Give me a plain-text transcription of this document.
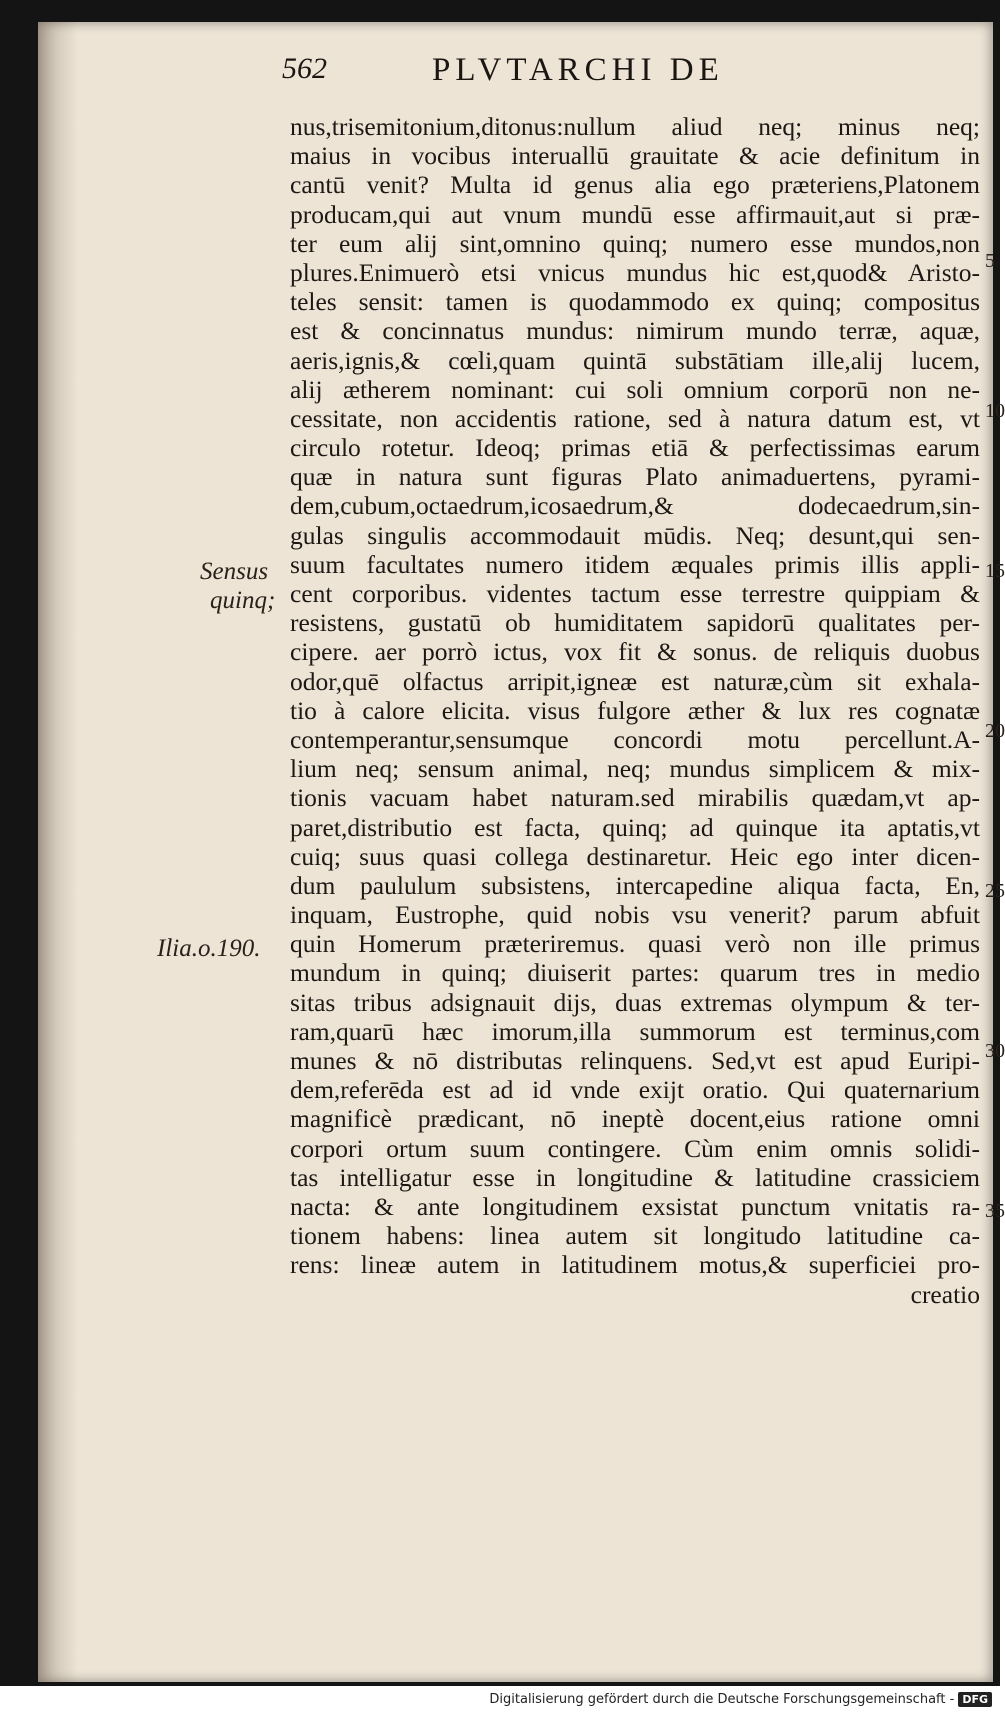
562	PLVTARCHI DE
nus,trisemitonium,ditonus:nullum aliud neq; minus neq;
maius in vocibus interuallū grauitate & acie definitum in
cantū venit? Multa id genus alia ego præteriens,Platonem
producam,qui aut vnum mundū esse affirmauit,aut si præ-
ter eum alij sint,omnino quinq; numero esse mundos,non
plures.Enimuerò etsi vnicus mundus hic est,quod& Aristo-
teles sensit: tamen is quodammodo ex quinq; compositus
est & concinnatus mundus: nimirum mundo terræ, aquæ,
aeris,ignis,& cœli,quam quintā substātiam ille,alij lucem,
alij ætherem nominant: cui soli omnium corporū non ne-
cessitate, non accidentis ratione, sed à natura datum est, vt
circulo rotetur. Ideoq; primas etiā & perfectissimas earum
quæ in natura sunt figuras Plato animaduertens, pyrami-
dem,cubum,octaedrum,icosaedrum,& dodecaedrum,sin-
gulas singulis accommodauit mūdis. Neq; desunt,qui sen-
suum facultates numero itidem æquales primis illis appli-
cent corporibus. videntes tactum esse terrestre quippiam &
resistens, gustatū ob humiditatem sapidorū qualitates per-
cipere. aer porrò ictus, vox fit & sonus. de reliquis duobus
odor,quē olfactus arripit,igneæ est naturæ,cùm sit exhala-
tio à calore elicita. visus fulgore æther & lux res cognatæ
contemperantur,sensumque concordi motu percellunt.A-
lium neq; sensum animal, neq; mundus simplicem & mix-
tionis vacuam habet naturam.sed mirabilis quædam,vt ap-
paret,distributio est facta, quinq; ad quinque ita aptatis,vt
cuiq; suus quasi collega destinaretur. Heic ego inter dicen-
dum paululum subsistens, intercapedine aliqua facta, En,
inquam, Eustrophe, quid nobis vsu venerit? parum abfuit
quin Homerum præteriremus. quasi verò non ille primus
mundum in quinq; diuiserit partes: quarum tres in medio
sitas tribus adsignauit dijs, duas extremas olympum & ter-
ram,quarū hæc imorum,illa summorum est terminus,com
munes & nō distributas relinquens. Sed,vt est apud Euripi-
dem,referēda est ad id vnde exijt oratio. Qui quaternarium
magnificè prædicant, nō ineptè docent,eius ratione omni
corpori ortum suum contingere. Cùm enim omnis solidi-
tas intelligatur esse in longitudine & latitudine crassiciem
nacta: & ante longitudinem exsistat punctum vnitatis ra-
tionem habens: linea autem sit longitudo latitudine ca-
rens: lineæ autem in latitudinem motus,& superficiei pro-
creatio
Sensus
quinq;
Ilia.o.190.
5
10
15
20
25
30
35
Digitalisierung gefördert durch die Deutsche Forschungsgemeinschaft - DFG
